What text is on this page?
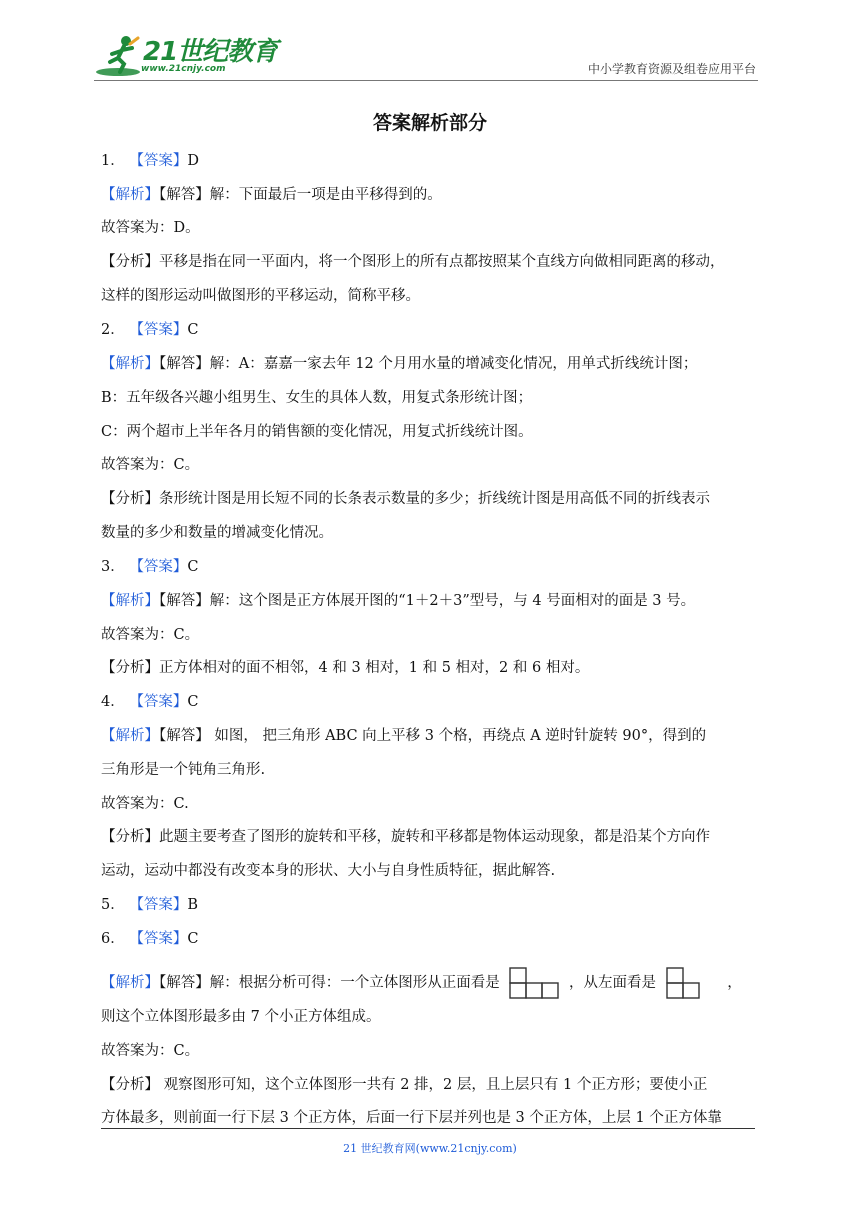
21世纪教育
www.21cnjy.com	中小学教育资源及组卷应用平台
答案解析部分
1． 【答案】D
【解析】【解答】解：下面最后一项是由平移得到的。
故答案为：D。
【分析】平移是指在同一平面内，将一个图形上的所有点都按照某个直线方向做相同距离的移动，
这样的图形运动叫做图形的平移运动，简称平移。
2． 【答案】C
【解析】【解答】解：A：嘉嘉一家去年 12 个月用水量的增减变化情况，用单式折线统计图；
B：五年级各兴趣小组男生、女生的具体人数，用复式条形统计图；
C：两个超市上半年各月的销售额的变化情况，用复式折线统计图。
故答案为：C。
【分析】条形统计图是用长短不同的长条表示数量的多少；折线统计图是用高低不同的折线表示
数量的多少和数量的增减变化情况。
3． 【答案】C
【解析】【解答】解：这个图是正方体展开图的“1＋2＋3”型号，与 4 号面相对的面是 3 号。
故答案为：C。
【分析】正方体相对的面不相邻，4 和 3 相对，1 和 5 相对，2 和 6 相对。
4． 【答案】C
【解析】【解答】 如图， 把三角形 ABC 向上平移 3 个格，再绕点 A 逆时针旋转 90°，得到的
三角形是一个钝角三角形.
故答案为：C.
【分析】此题主要考查了图形的旋转和平移，旋转和平移都是物体运动现象，都是沿某个方向作
运动，运动中都没有改变本身的形状、大小与自身性质特征，据此解答.
5． 【答案】B
6． 【答案】C
【解析】【解答】解：根据分析可得：一个立体图形从正面看是	，从左面看是	，
则这个立体图形最多由 7 个小正方体组成。
故答案为：C。
【分析】 观察图形可知，这个立体图形一共有 2 排，2 层，且上层只有 1 个正方形；要使小正
方体最多，则前面一行下层 3 个正方体，后面一行下层并列也是 3 个正方体，上层 1 个正方体靠
21 世纪教育网(www.21cnjy.com)
